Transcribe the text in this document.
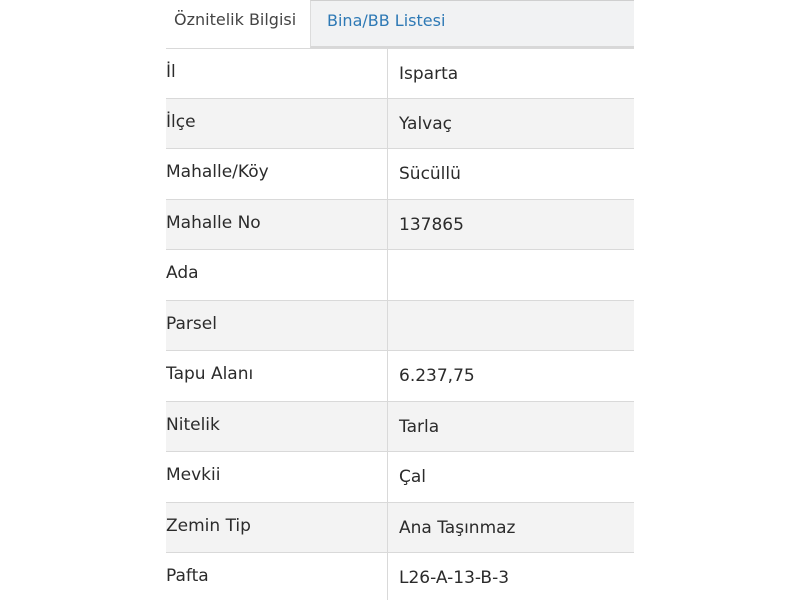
Öznitelik Bilgisi	Bina/BB Listesi
İl	Isparta
İlçe	Yalvaç
Mahalle/Köy	Sücüllü
Mahalle No	137865
Ada
Parsel
Tapu Alanı	6.237,75
Nitelik	Tarla
Mevkii	Çal
Zemin Tip	Ana Taşınmaz
Pafta	L26-A-13-B-3
